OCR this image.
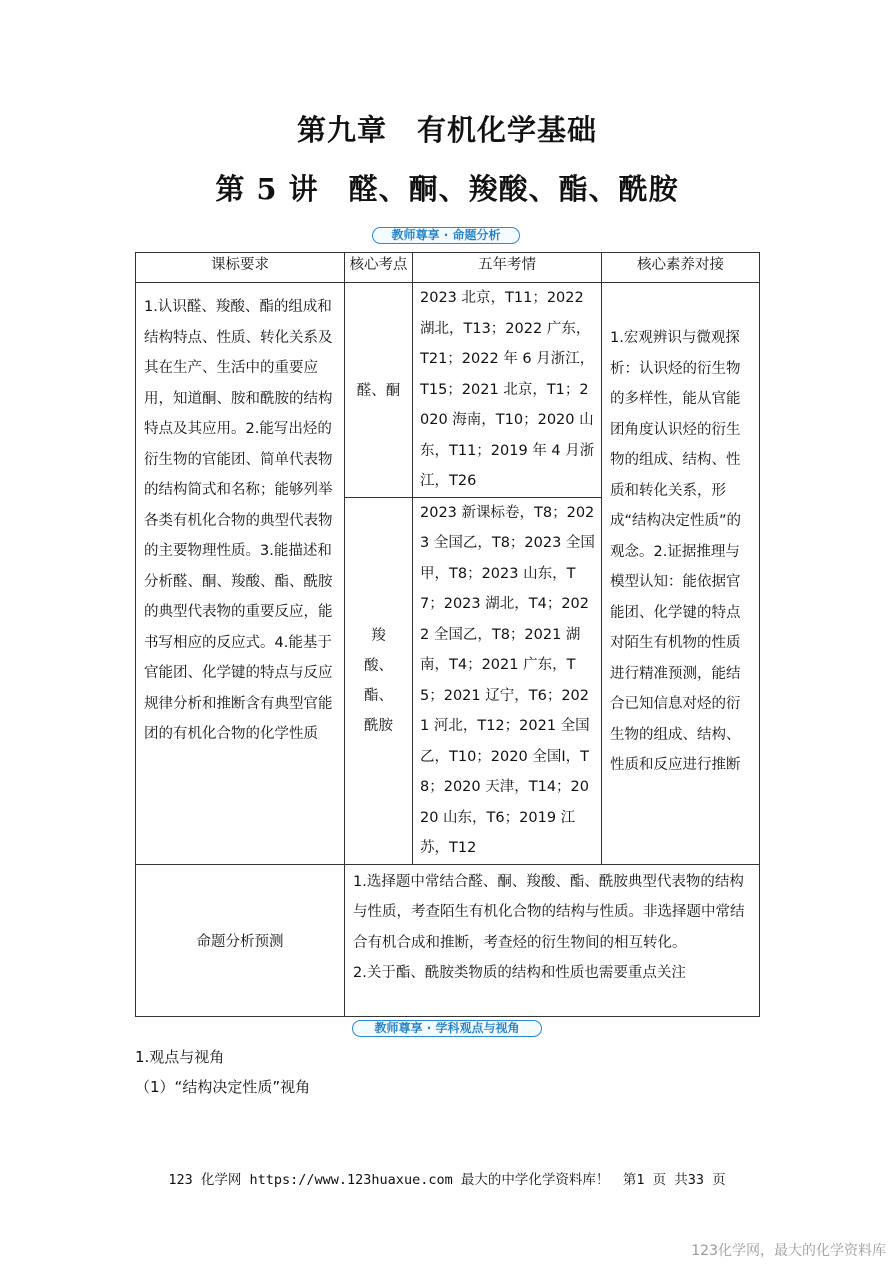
第九章　有机化学基础
第 5 讲　醛、酮、羧酸、酯、酰胺
教师尊享 · 命题分析
课标要求	核心考点	五年考情	核心素养对接

1.认识醛、羧酸、酯的组成和结构特点、性质、转化关系及其在生产、生活中的重要应用，知道酮、胺和酰胺的结构特点及其应用。2.能写出烃的衍生物的官能团、简单代表物的结构简式和名称；能够列举各类有机化合物的典型代表物的主要物理性质。3.能描述和分析醛、酮、羧酸、酯、酰胺的典型代表物的重要反应，能书写相应的反应式。4.能基于官能团、化学键的特点与反应规律分析和推断含有典型官能团的有机化合物的化学性质	醛、酮	2023 北京，T11；2022 湖北，T13；2022 广东，T21；2022 年 6 月浙江，T15；2021 北京，T1；2020 海南，T10；2020 山东，T11；2019 年 4 月浙江，T26	1.宏观辨识与微观探析：认识烃的衍生物的多样性，能从官能团角度认识烃的衍生物的组成、结构、性质和转化关系，形成“结构决定性质”的观念。2.证据推理与模型认知：能依据官能团、化学键的特点对陌生有机物的性质进行精准预测，能结合已知信息对烃的衍生物的组成、结构、性质和反应进行推断

	羧酸、酯、酰胺	2023 新课标卷，T8；2023 全国乙，T8；2023 全国甲，T8；2023 山东，T7；2023 湖北，T4；2022 全国乙，T8；2021 湖南，T4；2021 广东，T5；2021 辽宁，T6；2021 河北，T12；2021 全国乙，T10；2020 全国Ⅰ，T8；2020 天津，T14；2020 山东，T6；2019 江苏，T12	

命题分析预测	1.选择题中常结合醛、酮、羧酸、酯、酰胺典型代表物的结构与性质，考查陌生有机化合物的结构与性质。非选择题中常结合有机合成和推断，考查烃的衍生物间的相互转化。
2.关于酯、酰胺类物质的结构和性质也需要重点关注		
教师尊享 · 学科观点与视角
1.观点与视角
（1）“结构决定性质”视角
123 化学网 https://www.123huaxue.com 最大的中学化学资料库！　第1 页 共33 页
123化学网，最大的化学资料库
